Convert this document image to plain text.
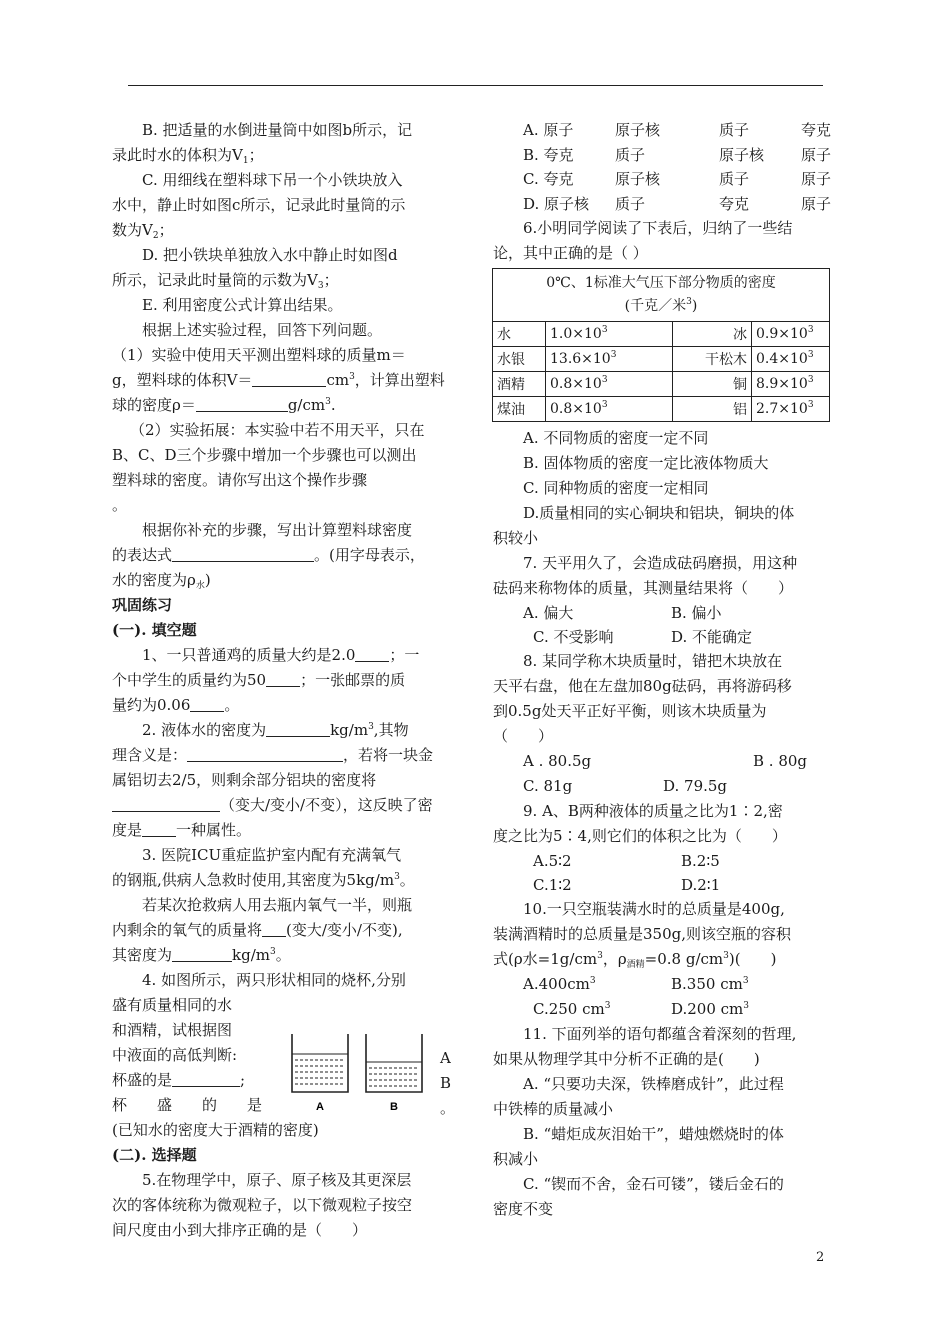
B. 把适量的水倒进量筒中如图b所示，记
录此时水的体积为$V_1$；
C. 用细线在塑料球下吊一个小铁块放入
水中，静止时如图c所示，记录此时量筒的示
数为$V_2$；
D. 把小铁块单独放入水中静止时如图d
所示，记录此时量筒的示数为$V_3$；
E. 利用密度公式计算出结果。
根据上述实验过程，回答下列问题。
（1）实验中使用天平测出塑料球的质量m＝
g，塑料球的体积V＝	$cm^3$，计算出塑料
球的密度ρ＝	$g/cm^3$.
（2）实验拓展：本实验中若不用天平，只在
B、C、D三个步骤中增加一个步骤也可以测出
塑料球的密度。请你写出这个操作步骤
。
根据你补充的步骤，写出计算塑料球密度
的表达式	。(用字母表示，
水的密度为$\rho_水$)
巩固练习
(一). 填空题
1、一只普通鸡的质量大约是2.0 ；一
个中学生的质量约为50 ；一张邮票的质
量约为0.06 。
2. 液体水的密度为	$kg/m^3$,其物
理含义是：	，若将一块金
属铝切去2/5，则剩余部分铝块的密度将
（变大/变小/不变），这反映了密
度是 一种属性。
3. 医院ICU重症监护室内配有充满氧气
的钢瓶,供病人急救时使用,其密度为$5kg/m^3$。
若某次抢救病人用去瓶内氧气一半，则瓶
内剩余的氧气的质量将 (变大/变小/不变),
其密度为	$kg/m^3$。
4. 如图所示，两只形状相同的烧杯,分别
盛有质量相同的水
和酒精，试根据图
中液面的高低判断:
杯盛的是	;
杯　　盛　　的　　是
(已知水的密度大于酒精的密度)
(二). 选择题
5.在物理学中，原子、原子核及其更深层
次的客体统称为微观粒子，以下微观粒子按空
间尺度由小到大排序正确的是（　　）
A
B
。
A	B
A. 原子	原子核	质子	夸克
B. 夸克	质子	原子核	原子
C. 夸克	原子核	质子	原子
D. 原子核	质子	夸克	原子
6.小明同学阅读了下表后，归纳了一些结
论，其中正确的是（ ）
0℃、1标准大气压下部分物质的密度
(千克／米$^3$)			
水	$1.0\times 10^3$	冰	$0.9\times 10^3$
水银	$13.6\times 10^3$	干松木	$0.4\times 10^3$
酒精	$0.8\times 10^3$	铜	$8.9\times 10^3$
煤油	$0.8\times 10^3$	铝	$2.7\times 10^3$
A. 不同物质的密度一定不同
B. 固体物质的密度一定比液体物质大
C. 同种物质的密度一定相同
D.质量相同的实心铜块和铝块，铜块的体
积较小
7. 天平用久了，会造成砝码磨损，用这种
砝码来称物体的质量，其测量结果将（　　）
A. 偏大	B. 偏小
C. 不受影响	D. 不能确定
8. 某同学称木块质量时，错把木块放在
天平右盘，他在左盘加80g砝码，再将游码移
到0.5g处天平正好平衡，则该木块质量为
（　　）
A . 80.5g	B . 80g
C. 81g	D. 79.5g
9. A、B两种液体的质量之比为1∶2,密
度之比为5∶4,则它们的体积之比为（　　）
A.5∶2	B.2∶5
C.1∶2	D.2∶1
10.一只空瓶装满水时的总质量是400g,
装满酒精时的总质量是350g,则该空瓶的容积
式(ρ水$=1g/cm^3$，$\rho_{酒精}=0.8$ $g/cm^3$)(　　)
$A.400cm^3$	B.350 $cm^3$
C.250 $cm^3$	D.200 $cm^3$
11. 下面列举的语句都蕴含着深刻的哲理,
如果从物理学其中分析不正确的是(　　)
A. “只要功夫深，铁棒磨成针”，此过程
中铁棒的质量减小
B. “蜡炬成灰泪始干”，蜡烛燃烧时的体
积减小
C. “锲而不舍，金石可镂”，镂后金石的
密度不变
2
